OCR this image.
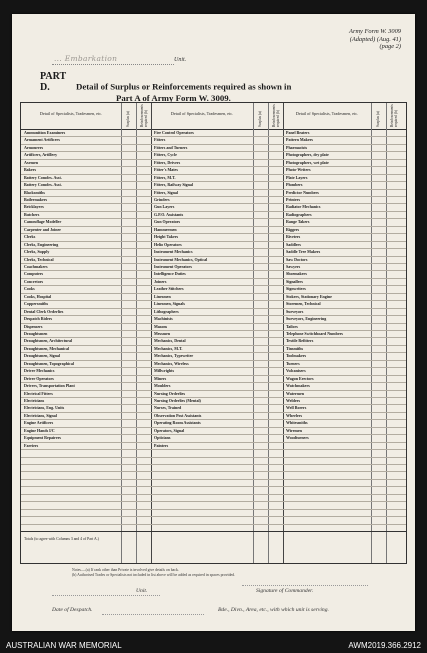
Army Form W. 3009
(Adapted) (Aug. 41)
(page 2)
... Embarkation	Unit.
PART D.	Detail of Surplus or Reinforcements required as shown in
Part A of Army Form W. 3009.
Detail of Specialists, Tradesmen, etc.	Surplus (a)	Reinforcements required (b)
Ammunition Examiners
Armament Artificers
Armourers
Artificers, Artillery
Axemen
Bakers
Battery Comdrs. Asst.
Battery Comdrs. Asst.
Blacksmiths
Boilermakers
Bricklayers
Butchers
Camouflage Modeller
Carpenter and Joiner
Clerks
Clerks, Engineering
Clerks, Supply
Clerks, Technical
Coachmakers
Computers
Concretors
Cooks
Cooks, Hospital
Coppersmiths
Dental Clerk Orderlies
Despatch Riders
Dispensers
Draughtsmen
Draughtsmen, Architectural
Draughtsmen, Mechanical
Draughtsmen, Signal
Draughtsmen, Topographical
Driver Mechanics
Driver Operators
Drivers, Transportation Plant
Electrical Fitters
Electricians
Electricians, Eng. Units
Electricians, Signal
Engine Artificers
Engine Hands I/C
Equipment Repairers
Farriers
Detail of Specialists, Tradesmen, etc.	Surplus (a)	Reinforcements required (b)
Fire Control Operators
Fitters
Fitters and Turners
Fitters, Cycle
Fitters, Drivers
Fitter's Mates
Fitters, M.T.
Fitters, Railway Signal
Fitters, Signal
Grinders
Gun Layers
G.P.O. Assistants
Gun Operators
Hammermen
Height Takers
Helio Operators
Instrument Mechanics
Instrument Mechanics, Optical
Instrument Operators
Intelligence Duties
Joiners
Leather Stitchers
Linesmen
Linesmen, Signals
Lithographers
Machinists
Masons
Messmen
Mechanics, Dental
Mechanics, M.T.
Mechanics, Typewriter
Mechanics, Wireless
Millwrights
Miners
Moulders
Nursing Orderlies
Nursing Orderlies (Mental)
Nurses, Trained
Observation Post Assistants
Operating Room Assistants
Operators, Signal
Opticians
Painters
Detail of Specialists, Tradesmen, etc.	Surplus (a)	Reinforcements required (b)
Panel Beaters
Pattern Makers
Pharmacists
Photographers, dry plate
Photographers, wet plate
Photo-Writers
Plate Layers
Plumbers
Predictor Numbers
Printers
Radiator Mechanics
Radiographers
Range Takers
Riggers
Riveters
Saddlers
Saddle Tree Makers
Saw Doctors
Sawyers
Shoemakers
Signallers
Signwriters
Stokers, Stationary Engine
Storemen, Technical
Surveyors
Surveyors, Engineering
Tailors
Telephone Switchboard Numbers
Textile Refitters
Tinsmiths
Toolmakers
Turners
Vulcanisers
Wagon Erectors
Watchmakers
Watermen
Welders
Well Borers
Wheelers
Whitesmiths
Wiremen
Woodturners
Totals (to agree with Columns 3 and 4 of Part A.)
Notes.—(a) If rank other than Private is involved give details on back.
(b) Authorised Trades or Specialists not included in list above will be added as required in spaces provided.
Unit.	Signature of Commander.
Date of Despatch.	Bde., Divn., Area, etc., with which unit is serving.
AUSTRALIAN WAR MEMORIAL	AWM2019.366.2912
